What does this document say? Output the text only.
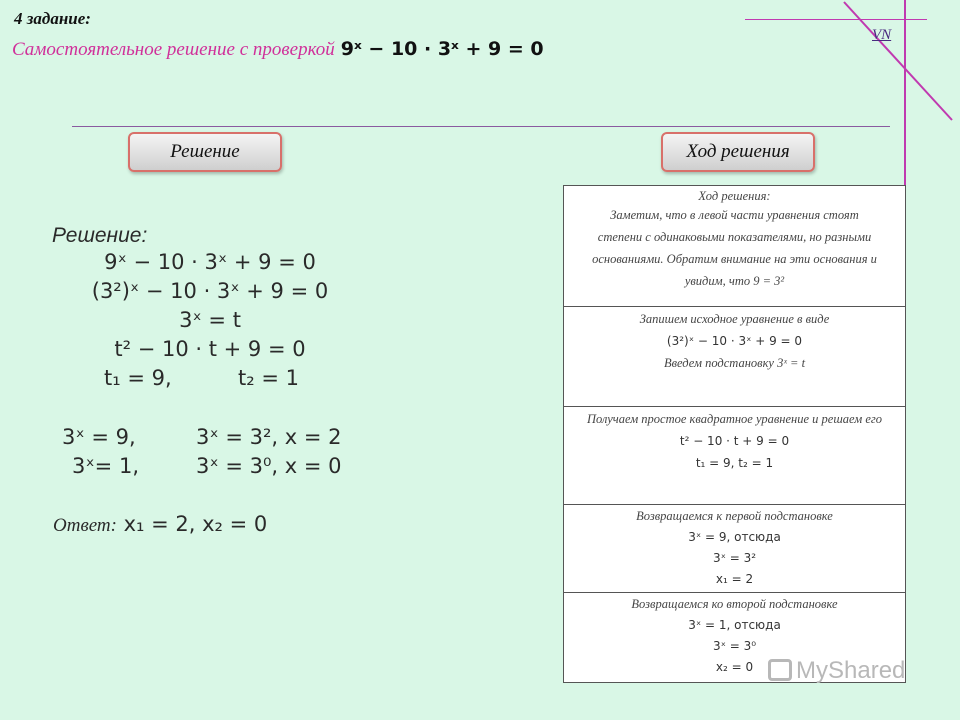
4 задание:
Самостоятельное решение с проверкой 9ˣ − 10 · 3ˣ + 9 = 0
VN
Решение	Ход решения
Решение:
9ˣ − 10 · 3ˣ + 9 = 0
(3²)ˣ − 10 · 3ˣ + 9 = 0
3ˣ = t
t² − 10 · t + 9 = 0
t₁ = 9,	t₂ = 1
3ˣ = 9,	3ˣ = 3², x = 2
3ˣ= 1,	3ˣ = 3⁰, x = 0
Ответ: x₁ = 2, x₂ = 0
Ход решения:
Заметим, что в левой части уравнения стоят
степени с одинаковыми показателями, но разными
основаниями. Обратим внимание на эти основания и
увидим, что 9 = 3²
Запишем исходное уравнение в виде
(3²)ˣ − 10 · 3ˣ + 9 = 0
Введем подстановку 3ˣ = t
Получаем простое квадратное уравнение и решаем его
t² − 10 · t + 9 = 0
t₁ = 9, t₂ = 1
Возвращаемся к первой подстановке
3ˣ = 9, отсюда
3ˣ = 3²
x₁ = 2
Возвращаемся ко второй подстановке
3ˣ = 1, отсюда
3ˣ = 3⁰
x₂ = 0	MyShared
